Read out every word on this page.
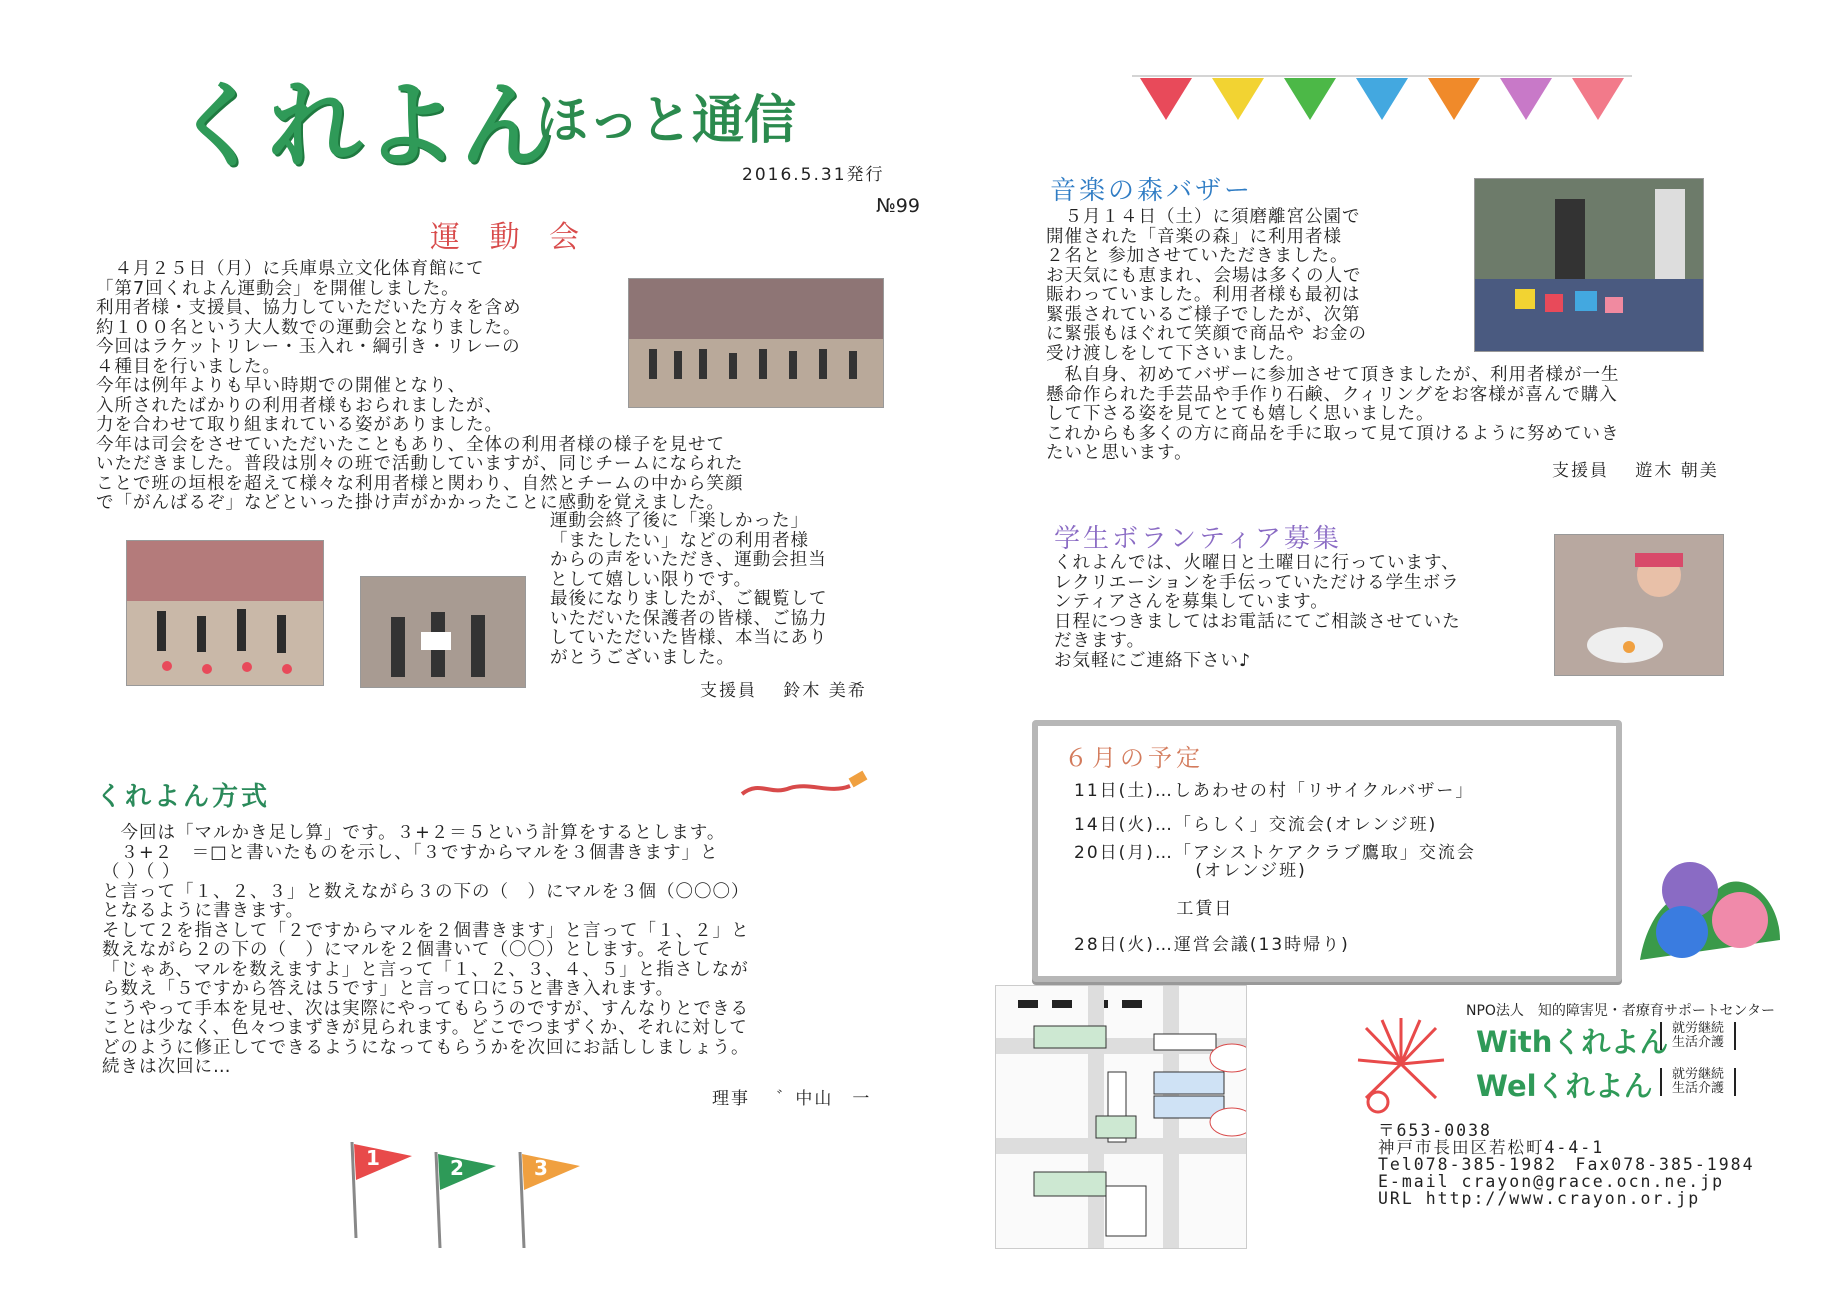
くれよん
ほっと通信
2016.5.31発行
№99
運 動 会
　４月２５日（月）に兵庫県立文化体育館にて
「第7回くれよん運動会」を開催しました。
利用者様・支援員、協力していただいた方々を含め
約１００名という大人数での運動会となりました。
今回はラケットリレー・玉入れ・綱引き・リレーの
４種目を行いました。
今年は例年よりも早い時期での開催となり、
入所されたばかりの利用者様もおられましたが、
力を合わせて取り組まれている姿がありました。
今年は司会をさせていただいたこともあり、全体の利用者様の様子を見せて
いただきました。普段は別々の班で活動していますが、同じチームになられた
ことで班の垣根を超えて様々な利用者様と関わり、自然とチームの中から笑顔
で「がんばるぞ」などといった掛け声がかかったことに感動を覚えました。
運動会終了後に「楽しかった」
「またしたい」などの利用者様
からの声をいただき、運動会担当
として嬉しい限りです。
最後になりましたが、ご観覧して
いただいた保護者の皆様、ご協力
していただいた皆様、本当にあり
がとうございました。
支援員　 鈴木 美希
くれよん方式
　今回は「マルかき足し算」です。３+２＝５という計算をするとします。
　３+２　＝□と書いたものを示し、「３ですからマルを３個書きます」と
（ ）（ ）
と言って「１、２、３」と数えながら３の下の（　）にマルを３個（〇〇〇）
となるように書きます。
そして２を指さして「２ですからマルを２個書きます」と言って「１、２」と
数えながら２の下の（　）にマルを２個書いて（〇〇）とします。そして
「じゃあ、マルを数えますよ」と言って「１、２、３、４、５」と指さしなが
ら数え「５ですから答えは５です」と言って口に５と書き入れます。
こうやって手本を見せ、次は実際にやってもらうのですが、すんなりとできる
ことは少なく、色々つまずきが見られます。どこでつまずくか、それに対して
どのように修正してできるようになってもらうかを次回にお話ししましょう。
続きは次回に…
理事　 ゛中山　一
1	2	3
音楽の森バザー
　５月１４日（土）に須磨離宮公園で
開催された「音楽の森」に利用者様
２名と 参加させていただきました。
お天気にも恵まれ、会場は多くの人で
賑わっていました。利用者様も最初は
緊張されているご様子でしたが、次第
に緊張もほぐれて笑顔で商品や お金の
受け渡しをして下さいました。
　私自身、初めてバザーに参加させて頂きましたが、利用者様が一生
懸命作られた手芸品や手作り石鹸、クィリングをお客様が喜んで購入
して下さる姿を見てとても嬉しく思いました。
これからも多くの方に商品を手に取って見て頂けるように努めていき
たいと思います。
支援員　 遊木 朝美
学生ボランティア募集
くれよんでは、火曜日と土曜日に行っています、
レクリエーションを手伝っていただける学生ボラ
ンティアさんを募集しています。
日程につきましてはお電話にてご相談させていた
だきます。
お気軽にご連絡下さい♪
６月の予定
11日(土)…しあわせの村「リサイクルバザー」
14日(火)…「らしく」交流会(オレンジ班)
20日(月)…「アシストケアクラブ鷹取」交流会
　　　　　　 (オレンジ班)
　　　　　 工賃日
28日(火)…運営会議(13時帰り)
NPO法人　知的障害児・者療育サポートセンター
Withくれよん 就労継続
生活介護
Welくれよん	就労継続
生活介護
〒653-0038
神戸市長田区若松町4-4-1
Tel078-385-1982　Fax078-385-1984
E-mail crayon@grace.ocn.ne.jp
URL http://www.crayon.or.jp
